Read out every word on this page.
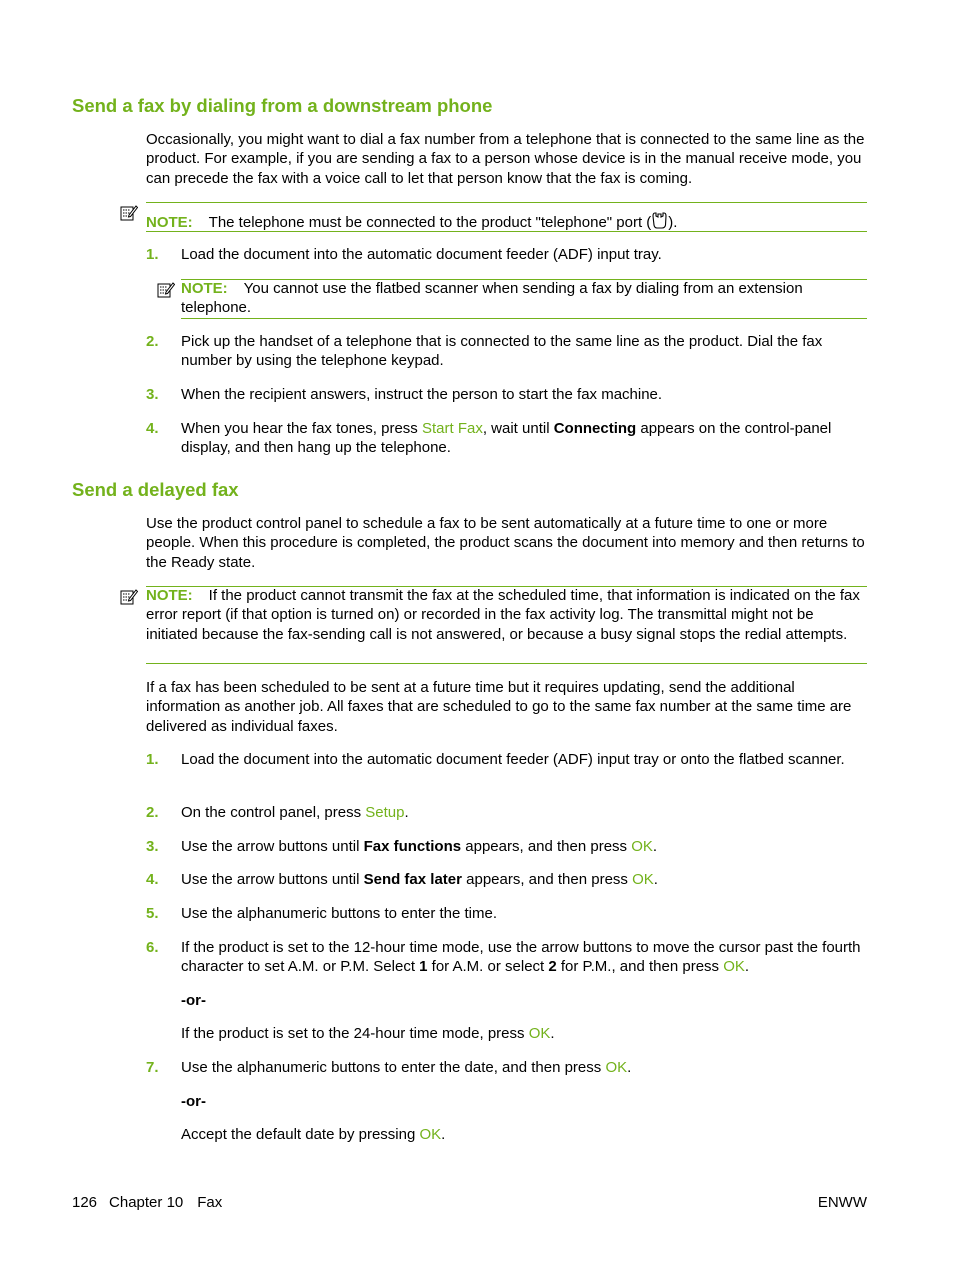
Send a fax by dialing from a downstream phone

Occasionally, you might want to dial a fax number from a telephone that is connected to the same line as the product. For example, if you are sending a fax to a person whose device is in the manual receive mode, you can precede the fax with a voice call to let that person know that the fax is coming.

NOTE: The telephone must be connected to the product "telephone" port ( ).
1. Load the document into the automatic document feeder (ADF) input tray.

NOTE: You cannot use the flatbed scanner when sending a fax by dialing from an extension telephone.

2. Pick up the handset of a telephone that is connected to the same line as the product. Dial the fax number by using the telephone keypad.

3. When the recipient answers, instruct the person to start the fax machine.

4. When you hear the fax tones, press Start Fax, wait until Connecting appears on the control-panel display, and then hang up the telephone.

Send a delayed fax

Use the product control panel to schedule a fax to be sent automatically at a future time to one or more people. When this procedure is completed, the product scans the document into memory and then returns to the Ready state.

NOTE: If the product cannot transmit the fax at the scheduled time, that information is indicated on the fax error report (if that option is turned on) or recorded in the fax activity log. The transmittal might not be initiated because the fax-sending call is not answered, or because a busy signal stops the redial attempts.

If a fax has been scheduled to be sent at a future time but it requires updating, send the additional information as another job. All faxes that are scheduled to go to the same fax number at the same time are delivered as individual faxes.

1. Load the document into the automatic document feeder (ADF) input tray or onto the flatbed scanner.

2. On the control panel, press Setup.

3. Use the arrow buttons until Fax functions appears, and then press OK.

4. Use the arrow buttons until Send fax later appears, and then press OK.

5. Use the alphanumeric buttons to enter the time.

6. If the product is set to the 12-hour time mode, use the arrow buttons to move the cursor past the fourth character to set A.M. or P.M. Select 1 for A.M. or select 2 for P.M., and then press OK.

-or-

If the product is set to the 24-hour time mode, press OK.

7. Use the alphanumeric buttons to enter the date, and then press OK.

-or-

Accept the default date by pressing OK.

126 Chapter 10 Fax	ENWW
